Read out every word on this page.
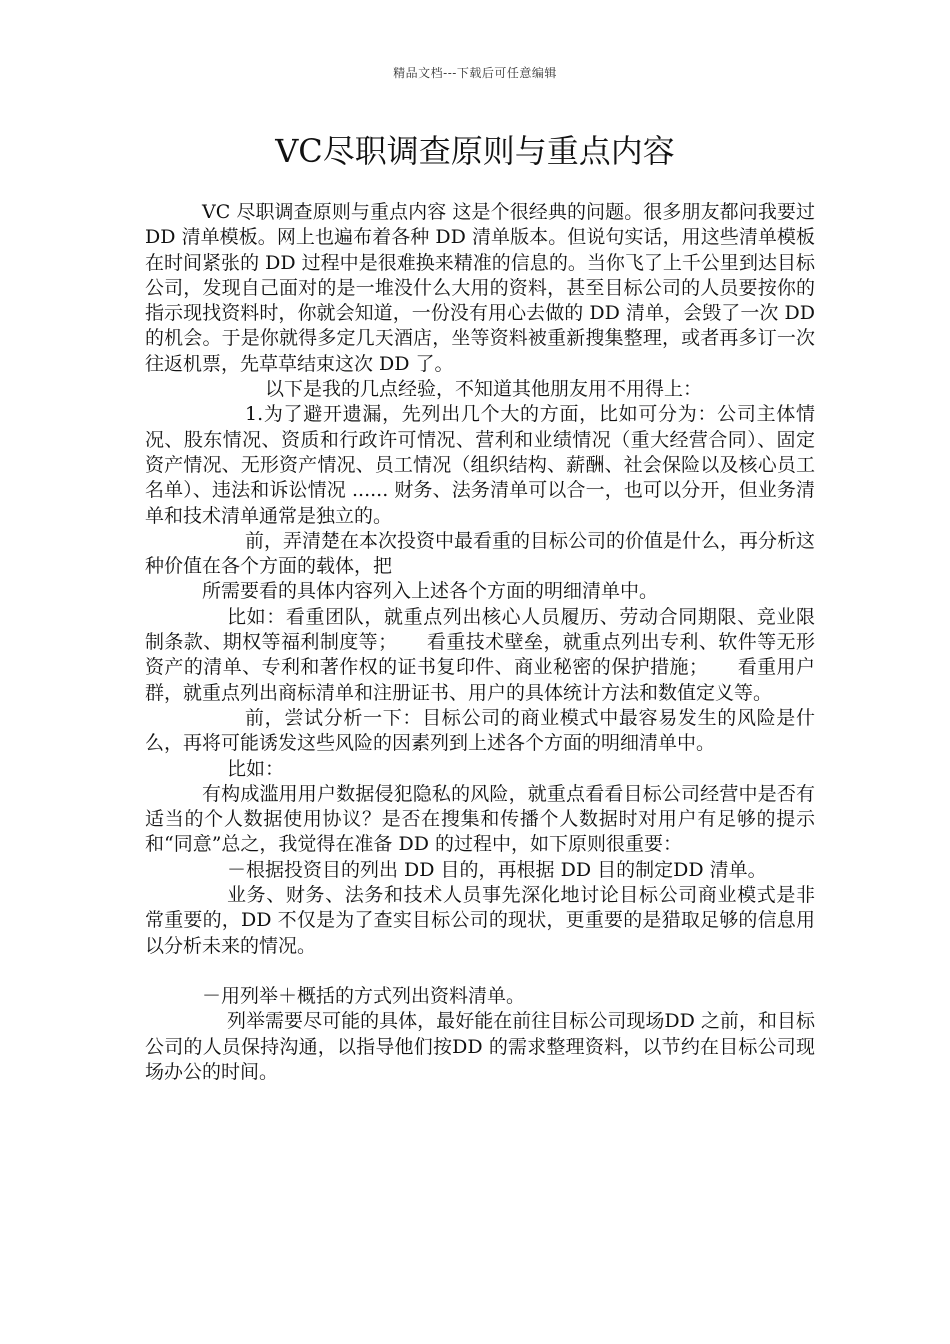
精品文档---下载后可任意编辑
VC尽职调查原则与重点内容

VC 尽职调查原则与重点内容 这是个很经典的问题。很多朋友都问我要过 DD 清单模板。网上也遍布着各种 DD 清单版本。但说句实话，用这些清单模板在时间紧张的 DD 过程中是很难换来精准的信息的。当你飞了上千公里到达目标公司，发现自己面对的是一堆没什么大用的资料，甚至目标公司的人员要按你的指示现找资料时，你就会知道，一份没有用心去做的 DD 清单，会毁了一次 DD 的机会。于是你就得多定几天酒店，坐等资料被重新搜集整理，或者再多订一次往返机票，先草草结束这次 DD 了。

以下是我的几点经验，不知道其他朋友用不用得上：

1.为了避开遗漏，先列出几个大的方面，比如可分为：公司主体情况、股东情况、资质和行政许可情况、营利和业绩情况（重大经营合同）、固定资产情况、无形资产情况、员工情况（组织结构、薪酬、社会保险以及核心员工名单）、违法和诉讼情况 ...... 财务、法务清单可以合一，也可以分开，但业务清单和技术清单通常是独立的。

前，弄清楚在本次投资中最看重的目标公司的价值是什么，再分析这种价值在各个方面的载体，把

所需要看的具体内容列入上述各个方面的明细清单中。

比如：看重团队，就重点列出核心人员履历、劳动合同期限、竞业限制条款、期权等福利制度等；　　看重技术壁垒，就重点列出专利、软件等无形资产的清单、专利和著作权的证书复印件、商业秘密的保护措施；　　看重用户群，就重点列出商标清单和注册证书、用户的具体统计方法和数值定义等。

前，尝试分析一下：目标公司的商业模式中最容易发生的风险是什么，再将可能诱发这些风险的因素列到上述各个方面的明细清单中。

比如：

有构成滥用用户数据侵犯隐私的风险，就重点看看目标公司经营中是否有适当的个人数据使用协议？是否在搜集和传播个人数据时对用户有足够的提示和“同意”总之，我觉得在准备 DD 的过程中，如下原则很重要：

－根据投资目的列出 DD 目的，再根据 DD 目的制定DD 清单。

业务、财务、法务和技术人员事先深化地讨论目标公司商业模式是非常重要的，DD 不仅是为了查实目标公司的现状，更重要的是猎取足够的信息用以分析未来的情况。

－用列举＋概括的方式列出资料清单。

列举需要尽可能的具体，最好能在前往目标公司现场DD 之前，和目标公司的人员保持沟通，以指导他们按DD 的需求整理资料，以节约在目标公司现场办公的时间。
